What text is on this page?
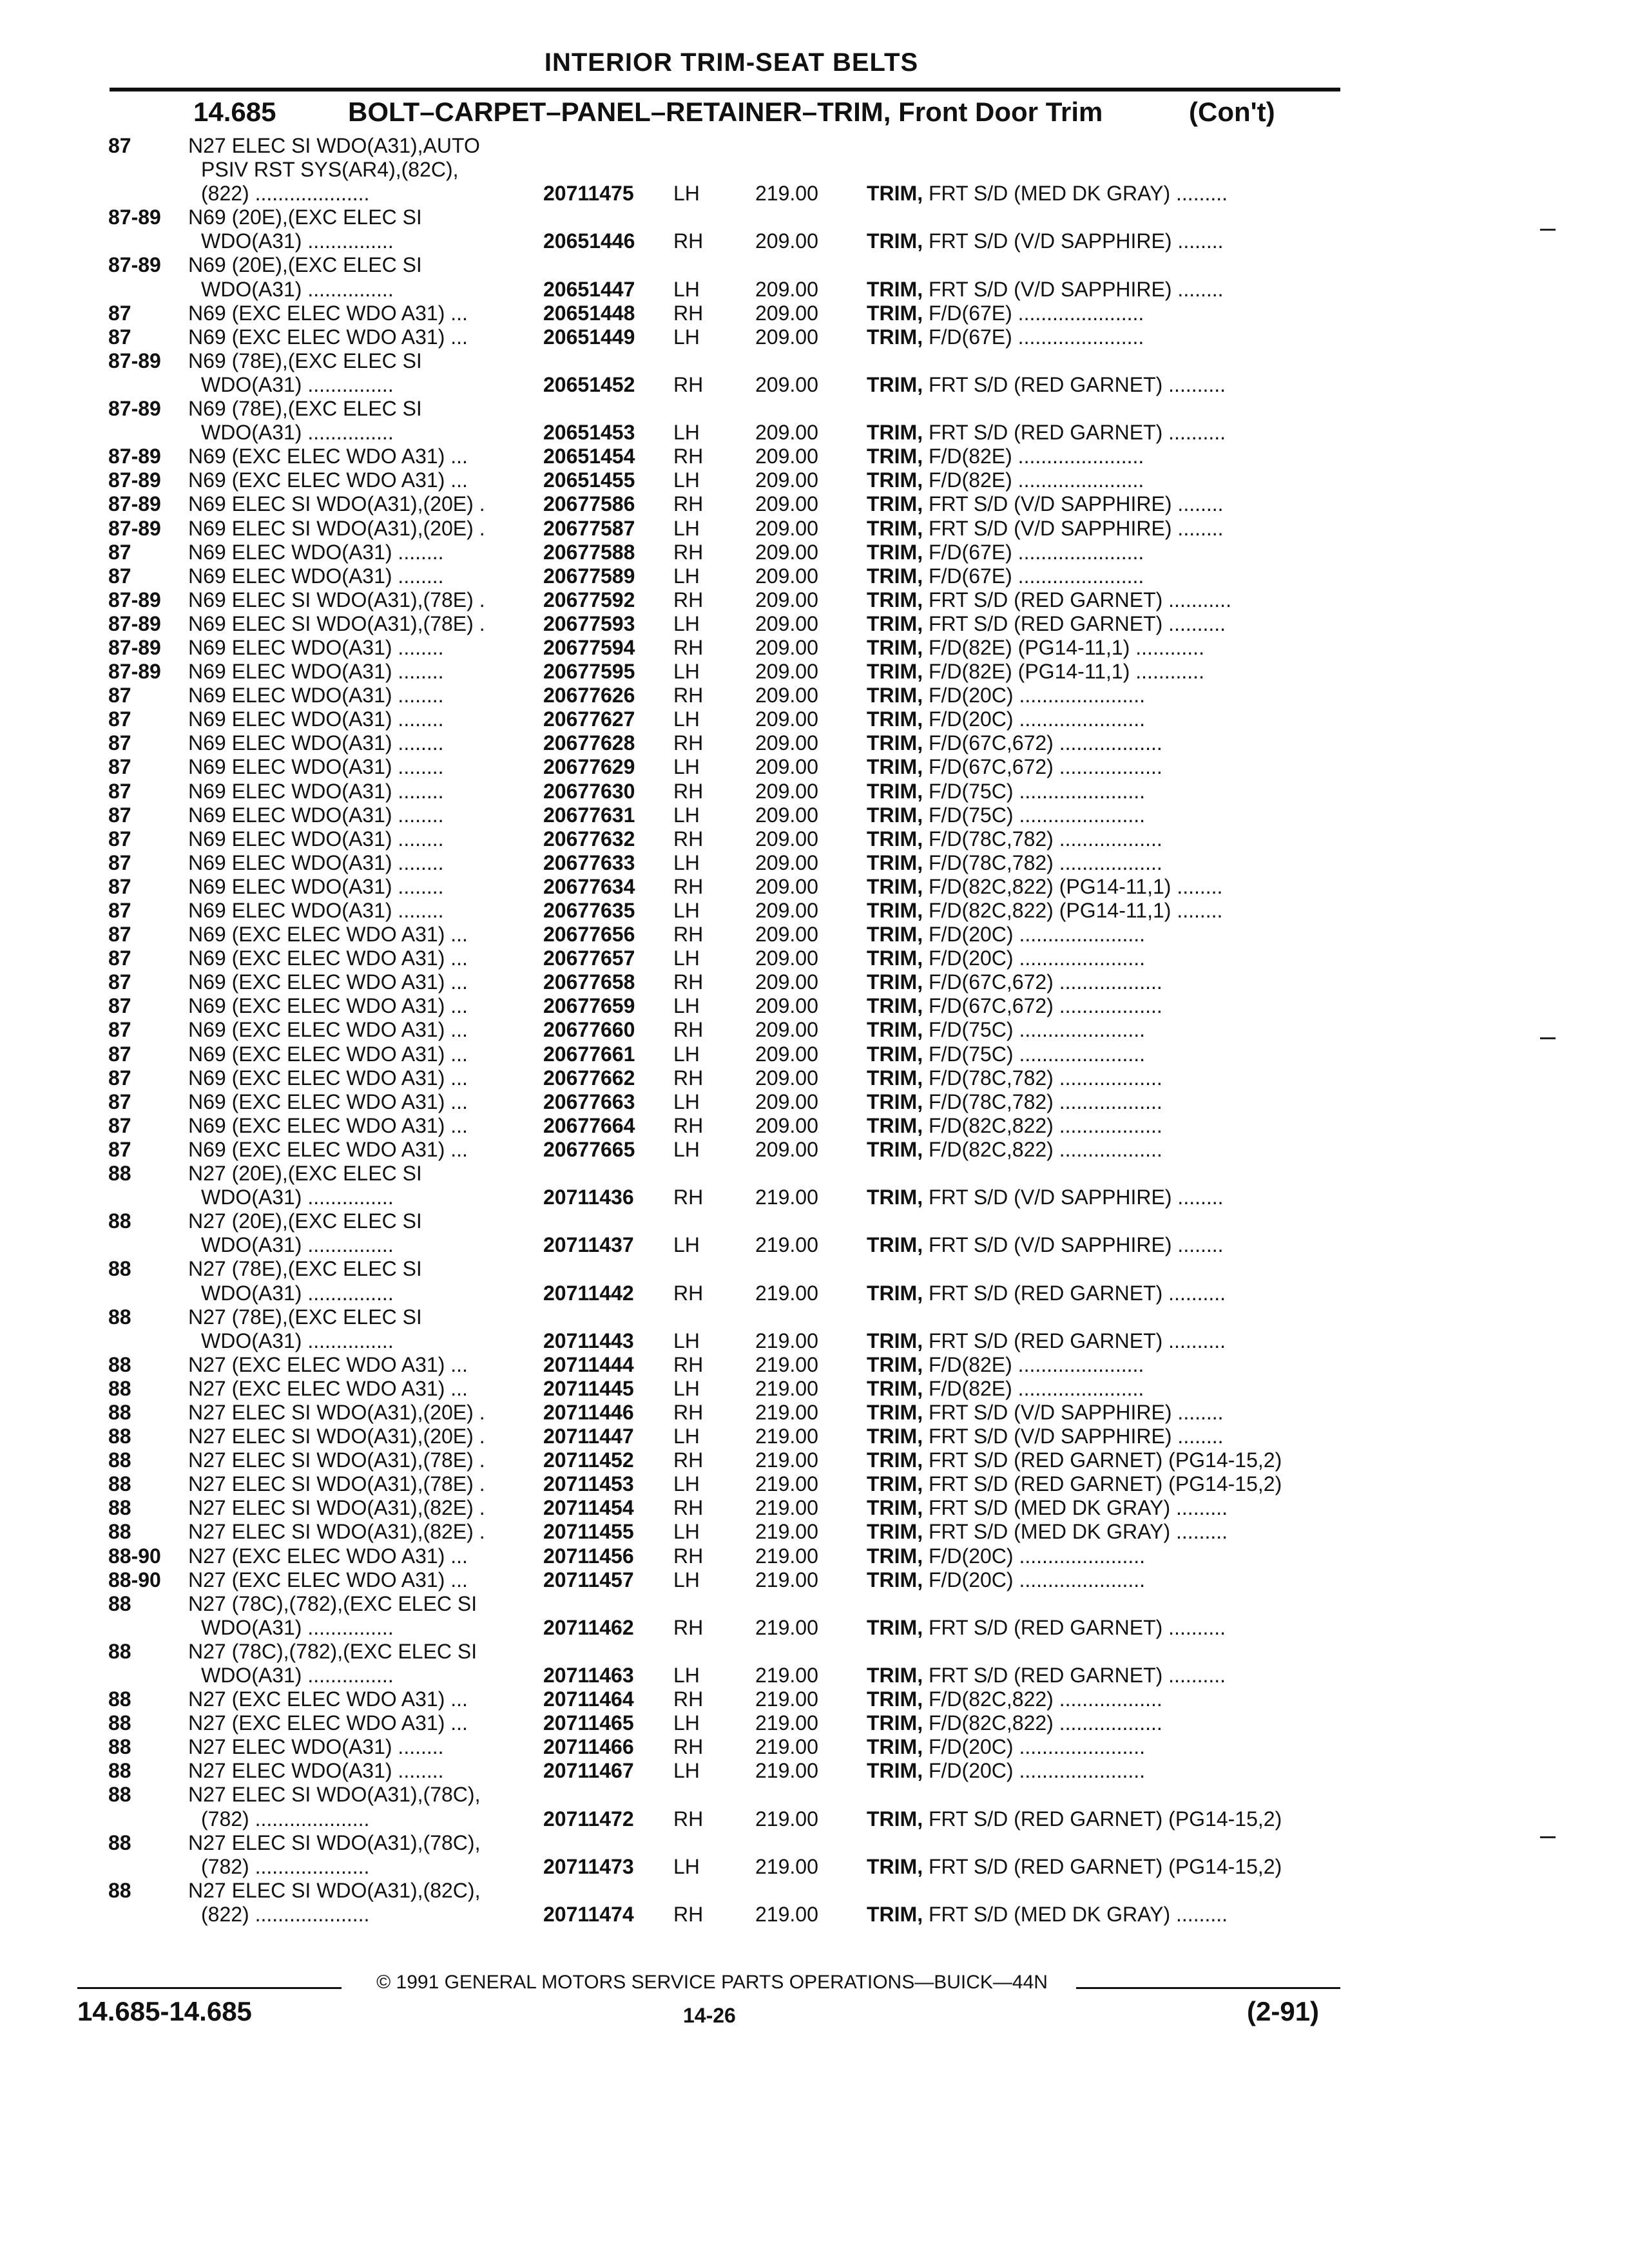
INTERIOR TRIM-SEAT BELTS
14.685	BOLT–CARPET–PANEL–RETAINER–TRIM, Front Door Trim	(Con't)
87	N27 ELEC SI WDO(A31),AUTO
PSIV RST SYS(AR4),(82C),
(822) ....................	20711475 LH	219.00 TRIM, FRT S/D (MED DK GRAY) .........
87-89 N69 (20E),(EXC ELEC SI
WDO(A31) ...............	20651446 RH	209.00 TRIM, FRT S/D (V/D SAPPHIRE) ........
87-89 N69 (20E),(EXC ELEC SI
WDO(A31) ...............	20651447 LH	209.00 TRIM, FRT S/D (V/D SAPPHIRE) ........
87	N69 (EXC ELEC WDO A31) ...	20651448 RH	209.00 TRIM, F/D(67E) ......................
87	N69 (EXC ELEC WDO A31) ...	20651449 LH	209.00 TRIM, F/D(67E) ......................
87-89 N69 (78E),(EXC ELEC SI
WDO(A31) ...............	20651452 RH	209.00 TRIM, FRT S/D (RED GARNET) ..........
87-89 N69 (78E),(EXC ELEC SI
WDO(A31) ...............	20651453 LH	209.00 TRIM, FRT S/D (RED GARNET) ..........
87-89 N69 (EXC ELEC WDO A31) ...	20651454 RH	209.00 TRIM, F/D(82E) ......................
87-89 N69 (EXC ELEC WDO A31) ...	20651455 LH	209.00 TRIM, F/D(82E) ......................
87-89 N69 ELEC SI WDO(A31),(20E) .	20677586 RH	209.00 TRIM, FRT S/D (V/D SAPPHIRE) ........
87-89 N69 ELEC SI WDO(A31),(20E) .	20677587 LH	209.00 TRIM, FRT S/D (V/D SAPPHIRE) ........
87	N69 ELEC WDO(A31) ........	20677588 RH	209.00 TRIM, F/D(67E) ......................
87	N69 ELEC WDO(A31) ........	20677589 LH	209.00 TRIM, F/D(67E) ......................
87-89 N69 ELEC SI WDO(A31),(78E) .	20677592 RH	209.00 TRIM, FRT S/D (RED GARNET) ...........
87-89 N69 ELEC SI WDO(A31),(78E) .	20677593 LH	209.00 TRIM, FRT S/D (RED GARNET) ..........
87-89 N69 ELEC WDO(A31) ........	20677594 RH	209.00 TRIM, F/D(82E) (PG14-11,1) ............
87-89 N69 ELEC WDO(A31) ........	20677595 LH	209.00 TRIM, F/D(82E) (PG14-11,1) ............
87	N69 ELEC WDO(A31) ........	20677626 RH	209.00 TRIM, F/D(20C) ......................
87	N69 ELEC WDO(A31) ........	20677627 LH	209.00 TRIM, F/D(20C) ......................
87	N69 ELEC WDO(A31) ........	20677628 RH	209.00 TRIM, F/D(67C,672) ..................
87	N69 ELEC WDO(A31) ........	20677629 LH	209.00 TRIM, F/D(67C,672) ..................
87	N69 ELEC WDO(A31) ........	20677630 RH	209.00 TRIM, F/D(75C) ......................
87	N69 ELEC WDO(A31) ........	20677631 LH	209.00 TRIM, F/D(75C) ......................
87	N69 ELEC WDO(A31) ........	20677632 RH	209.00 TRIM, F/D(78C,782) ..................
87	N69 ELEC WDO(A31) ........	20677633 LH	209.00 TRIM, F/D(78C,782) ..................
87	N69 ELEC WDO(A31) ........	20677634 RH	209.00 TRIM, F/D(82C,822) (PG14-11,1) ........
87	N69 ELEC WDO(A31) ........	20677635 LH	209.00 TRIM, F/D(82C,822) (PG14-11,1) ........
87	N69 (EXC ELEC WDO A31) ...	20677656 RH	209.00 TRIM, F/D(20C) ......................
87	N69 (EXC ELEC WDO A31) ...	20677657 LH	209.00 TRIM, F/D(20C) ......................
87	N69 (EXC ELEC WDO A31) ...	20677658 RH	209.00 TRIM, F/D(67C,672) ..................
87	N69 (EXC ELEC WDO A31) ...	20677659 LH	209.00 TRIM, F/D(67C,672) ..................
87	N69 (EXC ELEC WDO A31) ...	20677660 RH	209.00 TRIM, F/D(75C) ......................
87	N69 (EXC ELEC WDO A31) ...	20677661 LH	209.00 TRIM, F/D(75C) ......................
87	N69 (EXC ELEC WDO A31) ...	20677662 RH	209.00 TRIM, F/D(78C,782) ..................
87	N69 (EXC ELEC WDO A31) ...	20677663 LH	209.00 TRIM, F/D(78C,782) ..................
87	N69 (EXC ELEC WDO A31) ...	20677664 RH	209.00 TRIM, F/D(82C,822) ..................
87	N69 (EXC ELEC WDO A31) ...	20677665 LH	209.00 TRIM, F/D(82C,822) ..................
88	N27 (20E),(EXC ELEC SI
WDO(A31) ...............	20711436 RH	219.00 TRIM, FRT S/D (V/D SAPPHIRE) ........
88	N27 (20E),(EXC ELEC SI
WDO(A31) ...............	20711437 LH	219.00 TRIM, FRT S/D (V/D SAPPHIRE) ........
88	N27 (78E),(EXC ELEC SI
WDO(A31) ...............	20711442 RH	219.00 TRIM, FRT S/D (RED GARNET) ..........
88	N27 (78E),(EXC ELEC SI
WDO(A31) ...............	20711443 LH	219.00 TRIM, FRT S/D (RED GARNET) ..........
88	N27 (EXC ELEC WDO A31) ...	20711444 RH	219.00 TRIM, F/D(82E) ......................
88	N27 (EXC ELEC WDO A31) ...	20711445 LH	219.00 TRIM, F/D(82E) ......................
88	N27 ELEC SI WDO(A31),(20E) .	20711446 RH	219.00 TRIM, FRT S/D (V/D SAPPHIRE) ........
88	N27 ELEC SI WDO(A31),(20E) .	20711447 LH	219.00 TRIM, FRT S/D (V/D SAPPHIRE) ........
88	N27 ELEC SI WDO(A31),(78E) .	20711452 RH	219.00 TRIM, FRT S/D (RED GARNET) (PG14-15,2)
88	N27 ELEC SI WDO(A31),(78E) .	20711453 LH	219.00 TRIM, FRT S/D (RED GARNET) (PG14-15,2)
88	N27 ELEC SI WDO(A31),(82E) .	20711454 RH	219.00 TRIM, FRT S/D (MED DK GRAY) .........
88	N27 ELEC SI WDO(A31),(82E) .	20711455 LH	219.00 TRIM, FRT S/D (MED DK GRAY) .........
88-90 N27 (EXC ELEC WDO A31) ...	20711456 RH	219.00 TRIM, F/D(20C) ......................
88-90 N27 (EXC ELEC WDO A31) ...	20711457 LH	219.00 TRIM, F/D(20C) ......................
88	N27 (78C),(782),(EXC ELEC SI
WDO(A31) ...............	20711462 RH	219.00 TRIM, FRT S/D (RED GARNET) ..........
88	N27 (78C),(782),(EXC ELEC SI
WDO(A31) ...............	20711463 LH	219.00 TRIM, FRT S/D (RED GARNET) ..........
88	N27 (EXC ELEC WDO A31) ...	20711464 RH	219.00 TRIM, F/D(82C,822) ..................
88	N27 (EXC ELEC WDO A31) ...	20711465 LH	219.00 TRIM, F/D(82C,822) ..................
88	N27 ELEC WDO(A31) ........	20711466 RH	219.00 TRIM, F/D(20C) ......................
88	N27 ELEC WDO(A31) ........	20711467 LH	219.00 TRIM, F/D(20C) ......................
88	N27 ELEC SI WDO(A31),(78C),
(782) ....................	20711472 RH	219.00 TRIM, FRT S/D (RED GARNET) (PG14-15,2)
88	N27 ELEC SI WDO(A31),(78C),
(782) ....................	20711473 LH	219.00 TRIM, FRT S/D (RED GARNET) (PG14-15,2)
88	N27 ELEC SI WDO(A31),(82C),
(822) ....................	20711474 RH	219.00 TRIM, FRT S/D (MED DK GRAY) .........
© 1991 GENERAL MOTORS SERVICE PARTS OPERATIONS—BUICK—44N
14.685-14.685	14-26	(2-91)
